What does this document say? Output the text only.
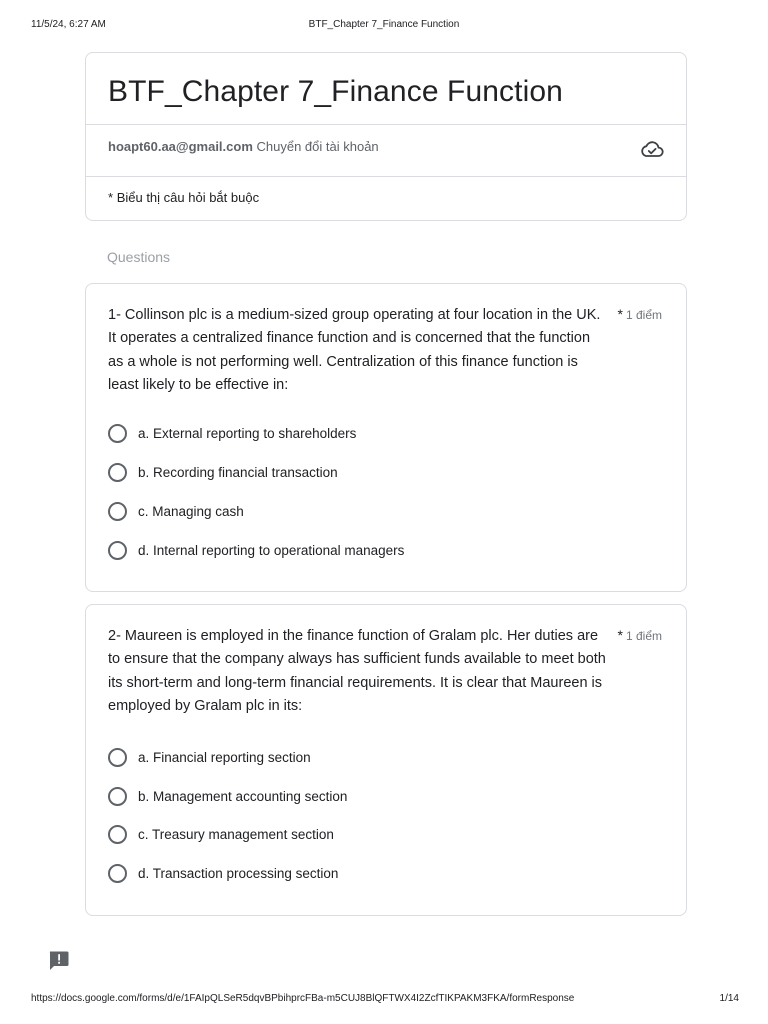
11/5/24, 6:27 AM	BTF_Chapter 7_Finance Function
BTF_Chapter 7_Finance Function
hoapt60.aa@gmail.com Chuyển đổi tài khoản
* Biểu thị câu hỏi bắt buộc
Questions
1- Collinson plc is a medium-sized group operating at four location in the UK. It operates a centralized finance function and is concerned that the function as a whole is not performing well. Centralization of this finance function is least likely to be effective in:
* 1 điểm
a. External reporting to shareholders
b. Recording financial transaction
c. Managing cash
d. Internal reporting to operational managers
2- Maureen is employed in the finance function of Gralam plc. Her duties are to ensure that the company always has sufficient funds available to meet both its short-term and long-term financial requirements. It is clear that Maureen is employed by Gralam plc in its:
* 1 điểm
a. Financial reporting section
b. Management accounting section
c. Treasury management section
d. Transaction processing section
https://docs.google.com/forms/d/e/1FAIpQLSeR5dqvBPbihprcFBa-m5CUJ8BlQFTWX4I2ZcfTIKPAKM3FKA/formResponse	1/14
